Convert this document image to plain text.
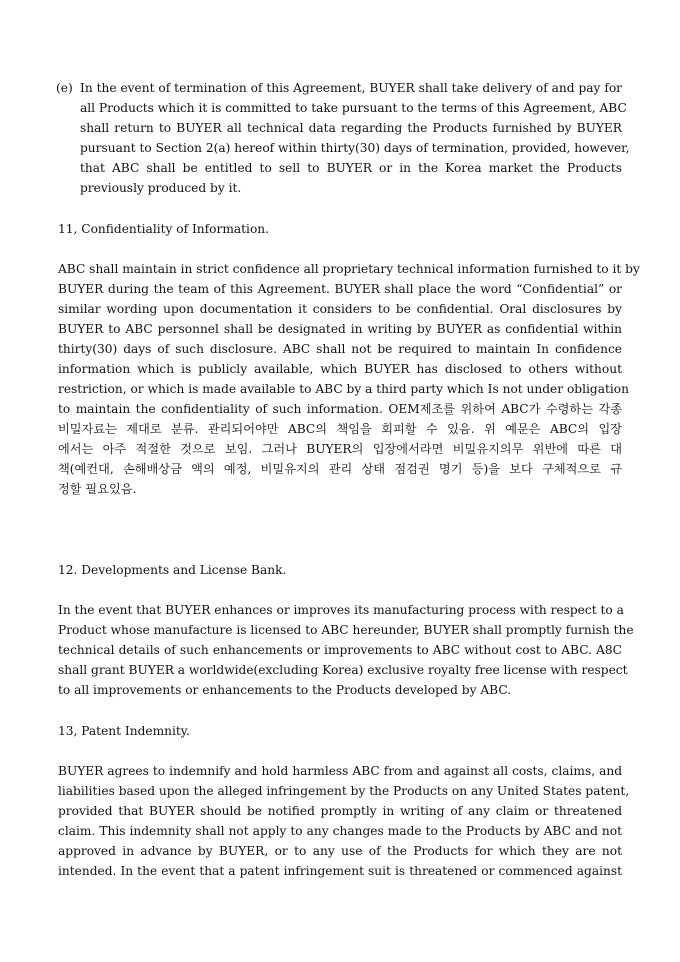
(e) In the event of termination of this Agreement, BUYER shall take delivery of and pay for
all Products which it is committed to take pursuant to the terms of this Agreement, ABC
shall return to BUYER all technical data regarding the Products furnished by BUYER
pursuant to Section 2(a) hereof within thirty(30) days of termination, provided, however,
that ABC shall be entitled to sell to BUYER or in the Korea market the Products
previously produced by it.
11, Confidentiality of Information.
ABC shall maintain in strict confidence all proprietary technical information furnished to it by
BUYER during the team of this Agreement. BUYER shall place the word “Confidential” or
similar wording upon documentation it considers to be confidential. Oral disclosures by
BUYER to ABC personnel shall be designated in writing by BUYER as confidential within
thirty(30) days of such disclosure. ABC shall not be required to maintain In confidence
information which is publicly available, which BUYER has disclosed to others without
restriction, or which is made available to ABC by a third party which Is not under obligation
to maintain the confidentiality of such information. OEM제조를 위하여 ABC가 수령하는 각종
비밀자료는 제대로 분류. 관리되어야만 ABC의 책임을 회피할 수 있음. 위 예문은 ABC의 입장
에서는 아주 적절한 것으로 보임. 그러나 BUYER의 입장에서라면 비밀유지의무 위반에 따른 대
책(예컨대, 손해배상금 액의 예정, 비밀유지의 관리 상태 점검권 명기 등)을 보다 구체적으로 규
정할 필요있음.
12. Developments and License Bank.
In the event that BUYER enhances or improves its manufacturing process with respect to a
Product whose manufacture is licensed to ABC hereunder, BUYER shall promptly furnish the
technical details of such enhancements or improvements to ABC without cost to ABC. A8C
shall grant BUYER a worldwide(excluding Korea) exclusive royalty free license with respect
to all improvements or enhancements to the Products developed by ABC.
13, Patent Indemnity.
BUYER agrees to indemnify and hold harmless ABC from and against all costs, claims, and
liabilities based upon the alleged infringement by the Products on any United States patent,
provided that BUYER should be notified promptly in writing of any claim or threatened
claim. This indemnity shall not apply to any changes made to the Products by ABC and not
approved in advance by BUYER, or to any use of the Products for which they are not
intended. In the event that a patent infringement suit is threatened or commenced against
